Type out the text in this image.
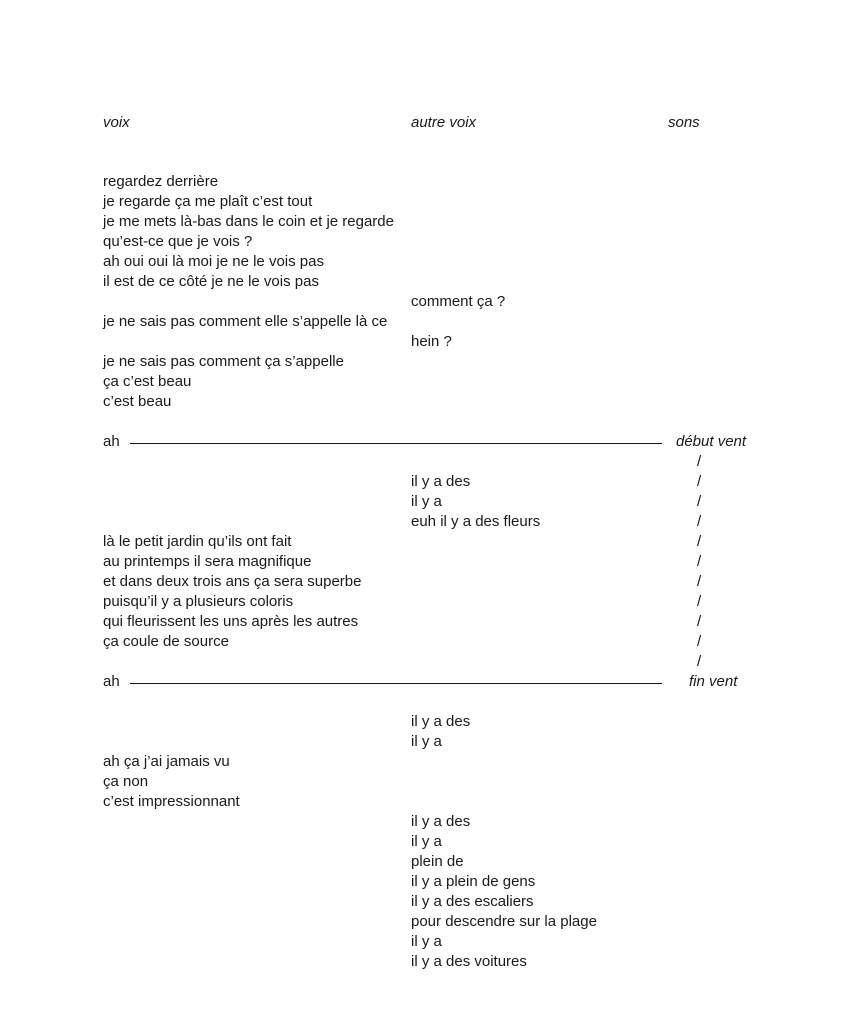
voix	autre voix	sons
regardez derrière
je regarde ça me plaît c’est tout
je me mets là-bas dans le coin et je regarde
qu’est-ce que je vois ?
ah oui oui là moi je ne le vois pas
il est de ce côté je ne le vois pas
comment ça ?
je ne sais pas comment elle s’appelle là ce
hein ?
je ne sais pas comment ça s’appelle
ça c’est beau
c’est beau
ah
il y a des
il y a
euh il y a des fleurs
là le petit jardin qu’ils ont fait
au printemps il sera magnifique
et dans deux trois ans ça sera superbe
puisqu’il y a plusieurs coloris
qui fleurissent les uns après les autres
ça coule de source
ah
il y a des
il y a
ah ça j’ai jamais vu
ça non
c’est impressionnant
il y a des
il y a
plein de
il y a plein de gens
il y a des escaliers
pour descendre sur la plage
il y a
il y a des voitures
début vent
fin vent
/
/
/
/
/
/
/
/
/
/
/
